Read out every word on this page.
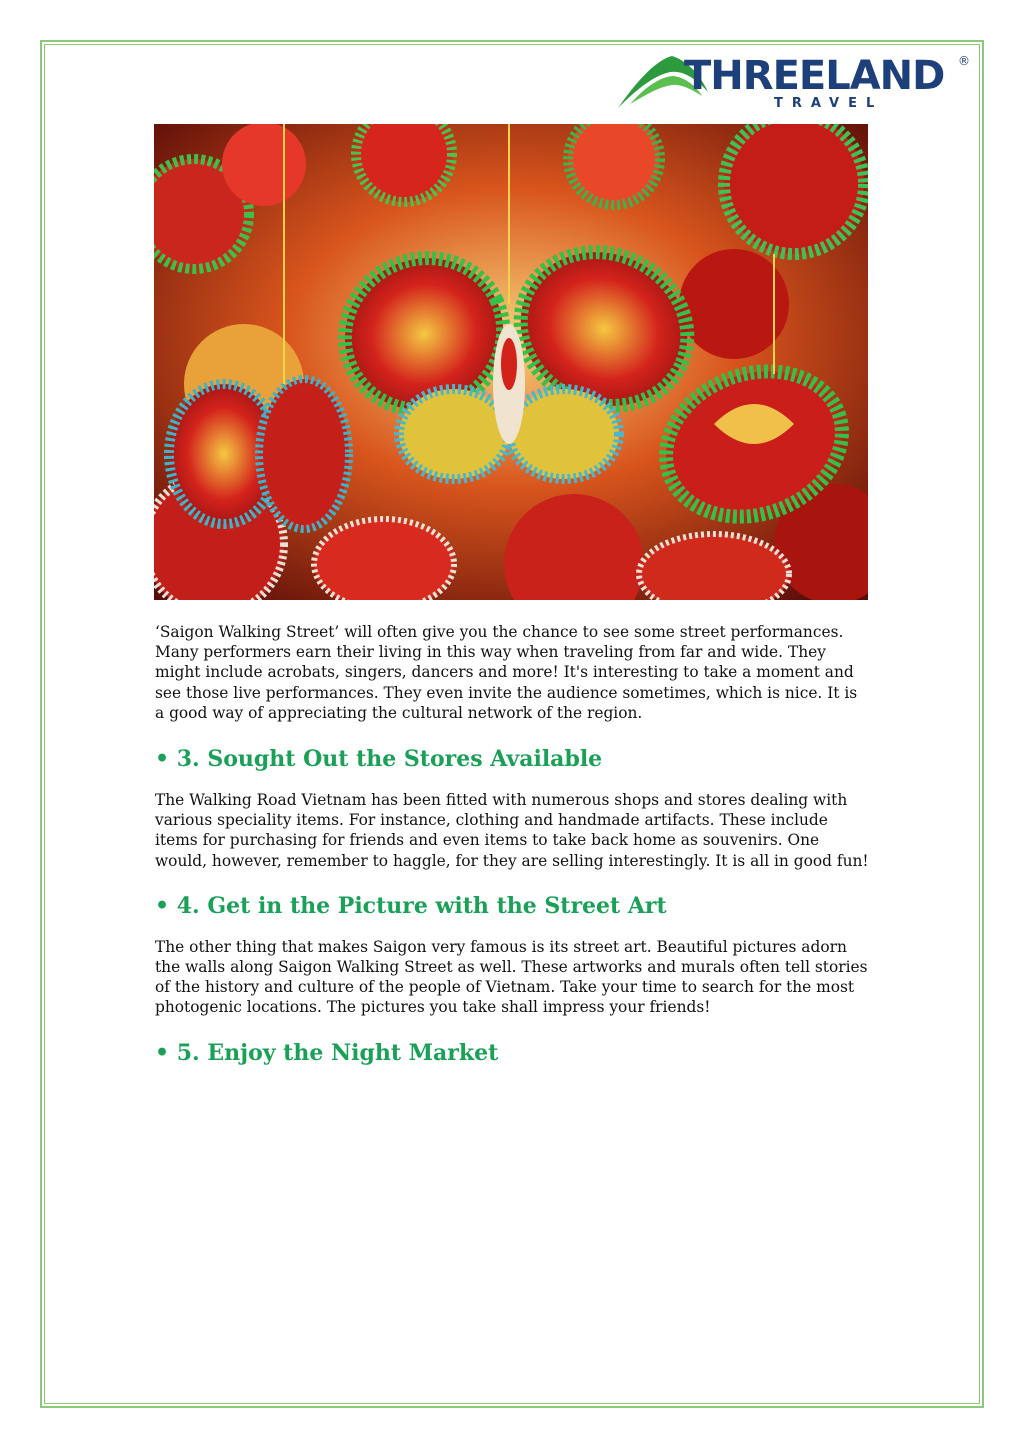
THREELAND ®
TRAVEL

‘Saigon Walking Street’ will often give you the chance to see some street performances. Many performers earn their living in this way when traveling from far and wide. They might include acrobats, singers, dancers and more! It's interesting to take a moment and see those live performances. They even invite the audience sometimes, which is nice. It is a good way of appreciating the cultural network of the region.

• 3. Sought Out the Stores Available

The Walking Road Vietnam has been fitted with numerous shops and stores dealing with various speciality items. For instance, clothing and handmade artifacts. These include items for purchasing for friends and even items to take back home as souvenirs. One would, however, remember to haggle, for they are selling interestingly. It is all in good fun!

• 4. Get in the Picture with the Street Art

The other thing that makes Saigon very famous is its street art. Beautiful pictures adorn the walls along Saigon Walking Street as well. These artworks and murals often tell stories of the history and culture of the people of Vietnam. Take your time to search for the most photogenic locations. The pictures you take shall impress your friends!

• 5. Enjoy the Night Market
